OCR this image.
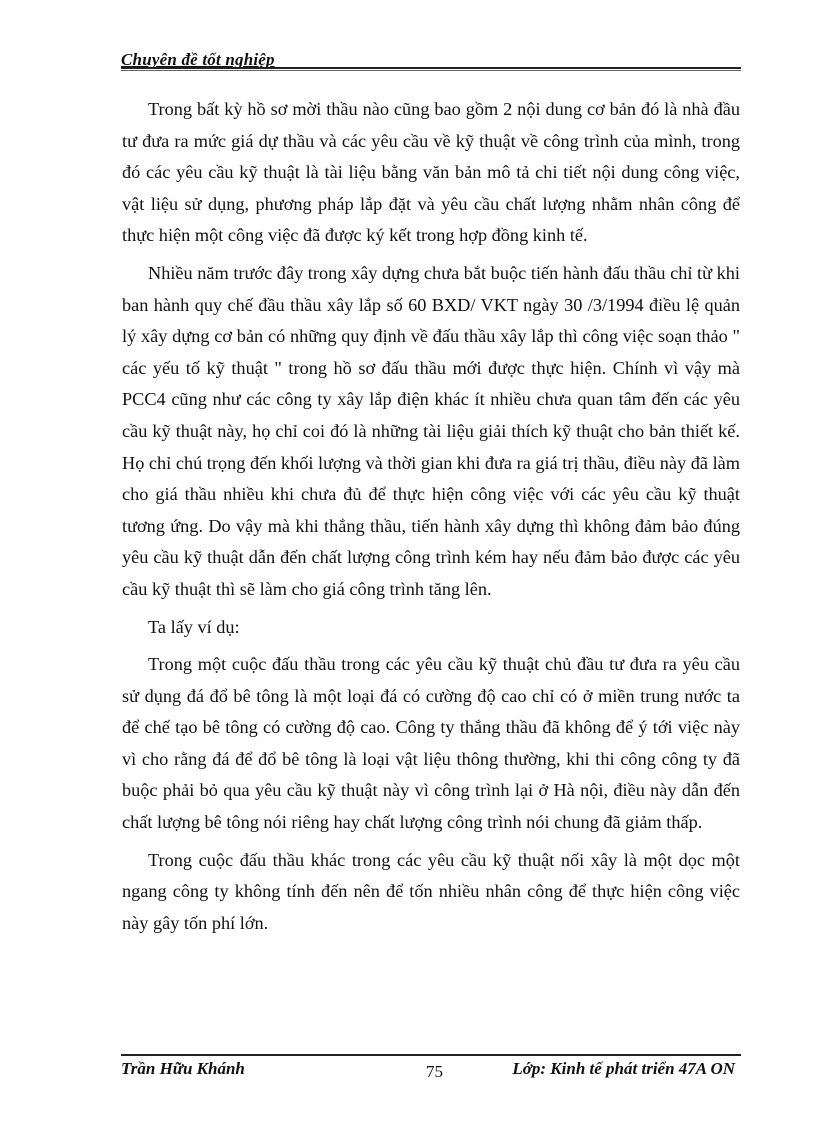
Chuyên đề tốt nghiệp

Trong bất kỳ hồ sơ mời thầu nào cũng bao gồm 2 nội dung cơ bản đó là nhà đầu tư đưa ra mức giá dự thầu và các yêu cầu về kỹ thuật về công trình của mình, trong đó các yêu cầu kỹ thuật là tài liệu bằng văn bản mô tả chi tiết nội dung công việc, vật liệu sử dụng, phương pháp lắp đặt và yêu cầu chất lượng nhằm nhân công để thực hiện một công việc đã được ký kết trong hợp đồng kinh tế.

Nhiều năm trước đây trong xây dựng chưa bắt buộc tiến hành đấu thầu chỉ từ khi ban hành quy chế đầu thầu xây lắp số 60 BXD/ VKT ngày 30 /3/1994 điều lệ quản lý xây dựng cơ bản có những quy định về đấu thầu xây lắp thì công việc soạn thảo " các yếu tố kỹ thuật " trong hồ sơ đấu thầu mới được thực hiện. Chính vì vậy mà PCC4 cũng như các công ty xây lắp điện khác ít nhiều chưa quan tâm đến các yêu cầu kỹ thuật này, họ chỉ coi đó là những tài liệu giải thích kỹ thuật cho bản thiết kế. Họ chỉ chú trọng đến khối lượng và thời gian khi đưa ra giá trị thầu, điều này đã làm cho giá thầu nhiều khi chưa đủ để thực hiện công việc với các yêu cầu kỹ thuật tương ứng. Do vậy mà khi thắng thầu, tiến hành xây dựng thì không đảm bảo đúng yêu cầu kỹ thuật dẫn đến chất lượng công trình kém hay nếu đảm bảo được các yêu cầu kỹ thuật thì sẽ làm cho giá công trình tăng lên.

Ta lấy ví dụ:

Trong một cuộc đấu thầu trong các yêu cầu kỹ thuật chủ đầu tư đưa ra yêu cầu sử dụng đá đổ bê tông là một loại đá có cường độ cao chỉ có ở miền trung nước ta để chế tạo bê tông có cường độ cao. Công ty thắng thầu đã không để ý tới việc này vì cho rằng đá để đổ bê tông là loại vật liệu thông thường, khi thi công công ty đã buộc phải bỏ qua yêu cầu kỹ thuật này vì công trình lại ở Hà nội, điều này dẫn đến chất lượng bê tông nói riêng hay chất lượng công trình nói chung đã giảm thấp.

Trong cuộc đấu thầu khác trong các yêu cầu kỹ thuật nối xây là một dọc một ngang công ty không tính đến nên để tốn nhiều nhân công để thực hiện công việc này gây tốn phí lớn.

Trần Hữu Khánh	75	Lớp: Kinh tế phát triển 47A ON
